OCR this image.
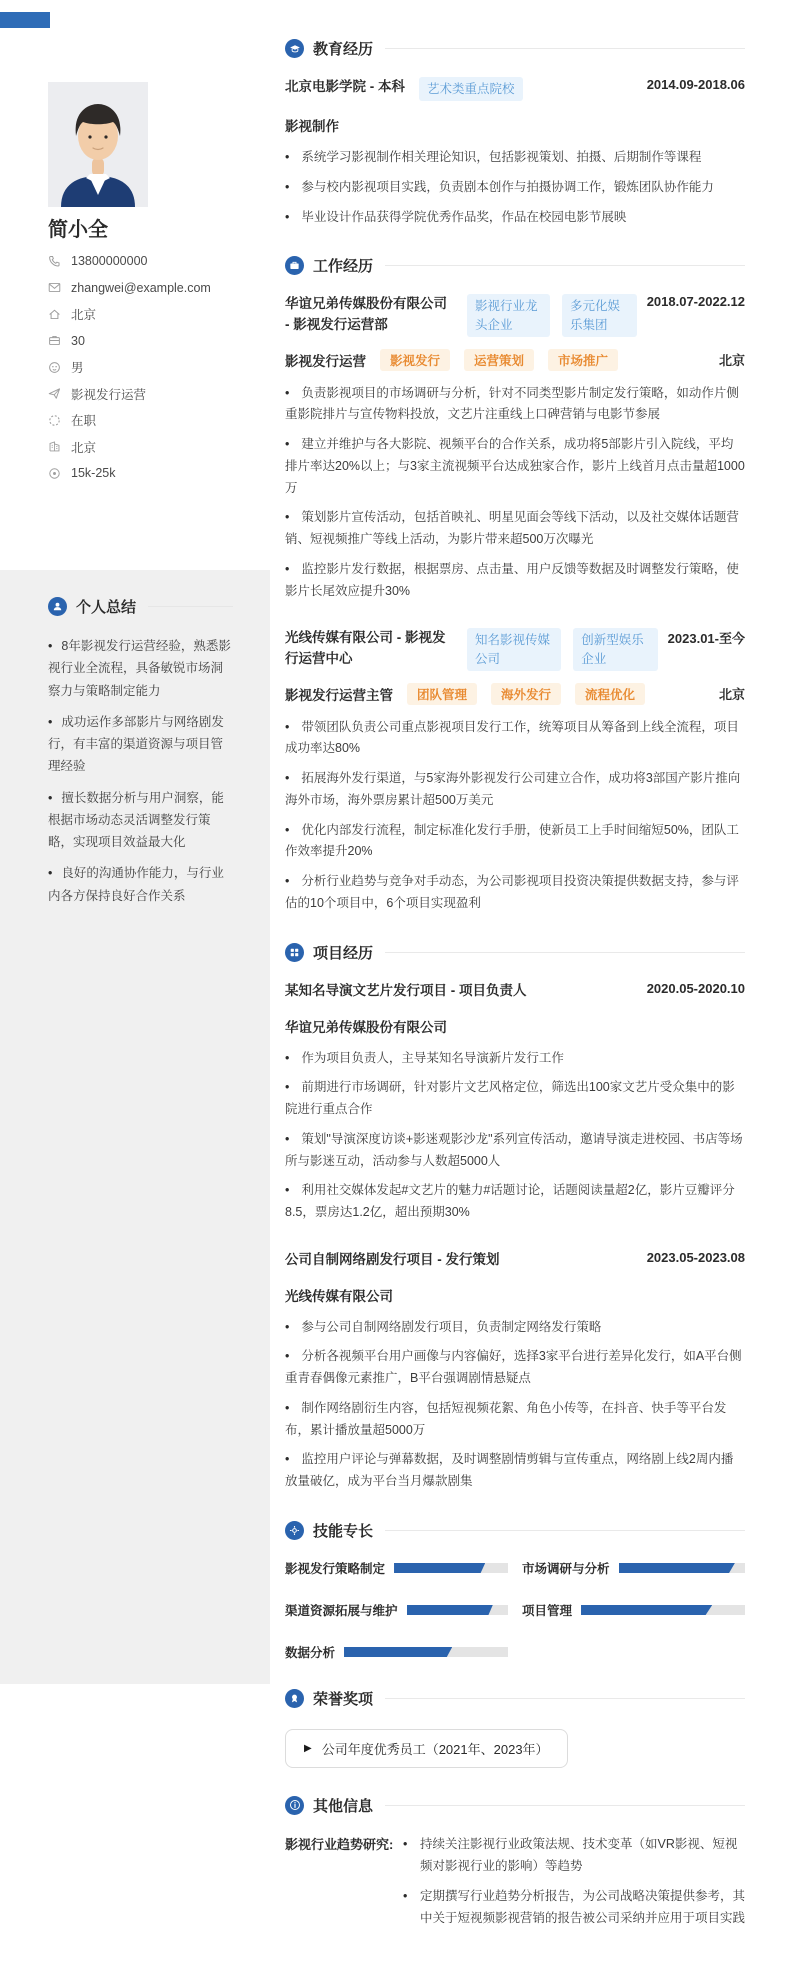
简小全
13800000000
zhangwei@example.com
北京
30
男
影视发行运营
在职
北京
15k-25k
个人总结
• 8年影视发行运营经验，熟悉影视行业全流程，具备敏锐市场洞察力与策略制定能力
• 成功运作多部影片与网络剧发行，有丰富的渠道资源与项目管理经验
• 擅长数据分析与用户洞察，能根据市场动态灵活调整发行策略，实现项目效益最大化
• 良好的沟通协作能力，与行业内各方保持良好合作关系
教育经历
北京电影学院 - 本科	艺术类重点院校	2014.09-2018.06
影视制作
• 系统学习影视制作相关理论知识，包括影视策划、拍摄、后期制作等课程
• 参与校内影视项目实践，负责剧本创作与拍摄协调工作，锻炼团队协作能力
• 毕业设计作品获得学院优秀作品奖，作品在校园电影节展映
工作经历
华谊兄弟传媒股份有限公司 - 影视发行运营部
影视行业龙头企业
多元化娱乐集团
2018.07-2022.12
影视发行运营	影视发行	运营策划	市场推广	北京
• 负责影视项目的市场调研与分析，针对不同类型影片制定发行策略，如动作片侧重影院排片与宣传物料投放，文艺片注重线上口碑营销与电影节参展
• 建立并维护与各大影院、视频平台的合作关系，成功将5部影片引入院线，平均排片率达20%以上；与3家主流视频平台达成独家合作，影片上线首月点击量超1000万
• 策划影片宣传活动，包括首映礼、明星见面会等线下活动，以及社交媒体话题营销、短视频推广等线上活动，为影片带来超500万次曝光
• 监控影片发行数据，根据票房、点击量、用户反馈等数据及时调整发行策略，使影片长尾效应提升30%
光线传媒有限公司 - 影视发行运营中心
知名影视传媒公司
创新型娱乐企业
2023.01-至今
影视发行运营主管	团队管理	海外发行	流程优化	北京
• 带领团队负责公司重点影视项目发行工作，统筹项目从筹备到上线全流程，项目成功率达80%
• 拓展海外发行渠道，与5家海外影视发行公司建立合作，成功将3部国产影片推向海外市场，海外票房累计超500万美元
• 优化内部发行流程，制定标准化发行手册，使新员工上手时间缩短50%，团队工作效率提升20%
• 分析行业趋势与竞争对手动态，为公司影视项目投资决策提供数据支持，参与评估的10个项目中，6个项目实现盈利
项目经历
某知名导演文艺片发行项目 - 项目负责人	2020.05-2020.10
华谊兄弟传媒股份有限公司
• 作为项目负责人，主导某知名导演新片发行工作
• 前期进行市场调研，针对影片文艺风格定位，筛选出100家文艺片受众集中的影院进行重点合作
• 策划"导演深度访谈+影迷观影沙龙"系列宣传活动，邀请导演走进校园、书店等场所与影迷互动，活动参与人数超5000人
• 利用社交媒体发起#文艺片的魅力#话题讨论，话题阅读量超2亿，影片豆瓣评分8.5，票房达1.2亿，超出预期30%
公司自制网络剧发行项目 - 发行策划	2023.05-2023.08
光线传媒有限公司
• 参与公司自制网络剧发行项目，负责制定网络发行策略
• 分析各视频平台用户画像与内容偏好，选择3家平台进行差异化发行，如A平台侧重青春偶像元素推广，B平台强调剧情悬疑点
• 制作网络剧衍生内容，包括短视频花絮、角色小传等，在抖音、快手等平台发布，累计播放量超5000万
• 监控用户评论与弹幕数据，及时调整剧情剪辑与宣传重点，网络剧上线2周内播放量破亿，成为平台当月爆款剧集
技能专长
影视发行策略制定	市场调研与分析
渠道资源拓展与维护	项目管理
数据分析
荣誉奖项
▶ 公司年度优秀员工（2021年、2023年）
其他信息
影视行业趋势研究:	• 持续关注影视行业政策法规、技术变革（如VR影视、短视频对影视行业的影响）等趋势
• 定期撰写行业趋势分析报告，为公司战略决策提供参考，其中关于短视频影视营销的报告被公司采纳并应用于项目实践
